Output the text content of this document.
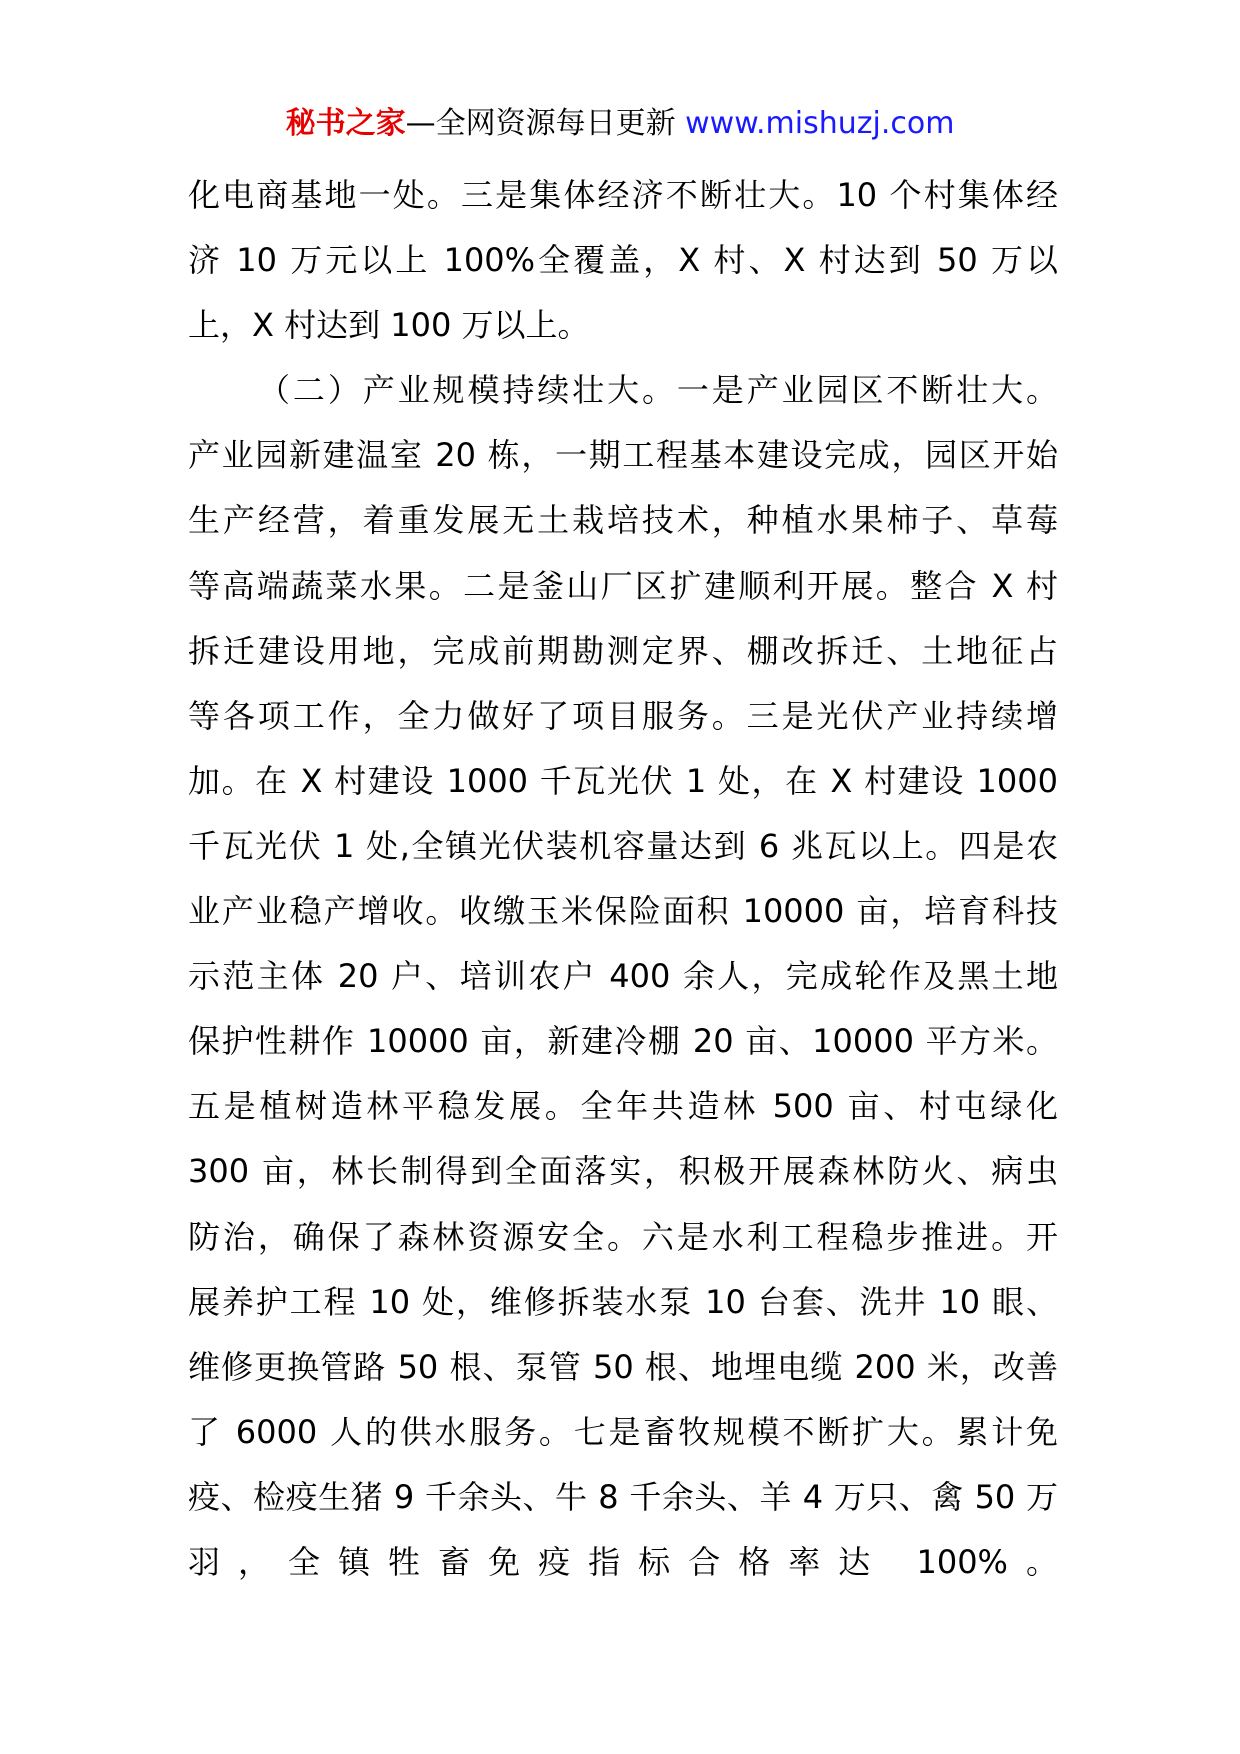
秘书之家—全网资源每日更新 www.mishuzj.com
化电商基地一处。三是集体经济不断壮大。10 个村集体经
济 10 万元以上 100%全覆盖，X 村、X 村达到 50 万以
上，X 村达到 100 万以上。
（二）产业规模持续壮大。一是产业园区不断壮大。
产业园新建温室 20 栋，一期工程基本建设完成，园区开始
生产经营，着重发展无土栽培技术，种植水果柿子、草莓
等高端蔬菜水果。二是釜山厂区扩建顺利开展。整合 X 村
拆迁建设用地，完成前期勘测定界、棚改拆迁、土地征占
等各项工作，全力做好了项目服务。三是光伏产业持续增
加。在 X 村建设 1000 千瓦光伏 1 处，在 X 村建设 1000
千瓦光伏 1 处,全镇光伏装机容量达到 6 兆瓦以上。四是农
业产业稳产增收。收缴玉米保险面积 10000 亩，培育科技
示范主体 20 户、培训农户 400 余人，完成轮作及黑土地
保护性耕作 10000 亩，新建冷棚 20 亩、10000 平方米。
五是植树造林平稳发展。全年共造林 500 亩、村屯绿化
300 亩，林长制得到全面落实，积极开展森林防火、病虫
防治，确保了森林资源安全。六是水利工程稳步推进。开
展养护工程 10 处，维修拆装水泵 10 台套、洗井 10 眼、
维修更换管路 50 根、泵管 50 根、地埋电缆 200 米，改善
了 6000 人的供水服务。七是畜牧规模不断扩大。累计免
疫、检疫生猪 9 千余头、牛 8 千余头、羊 4 万只、禽 50 万
羽，全镇牲畜免疫指标合格率达 100%。
